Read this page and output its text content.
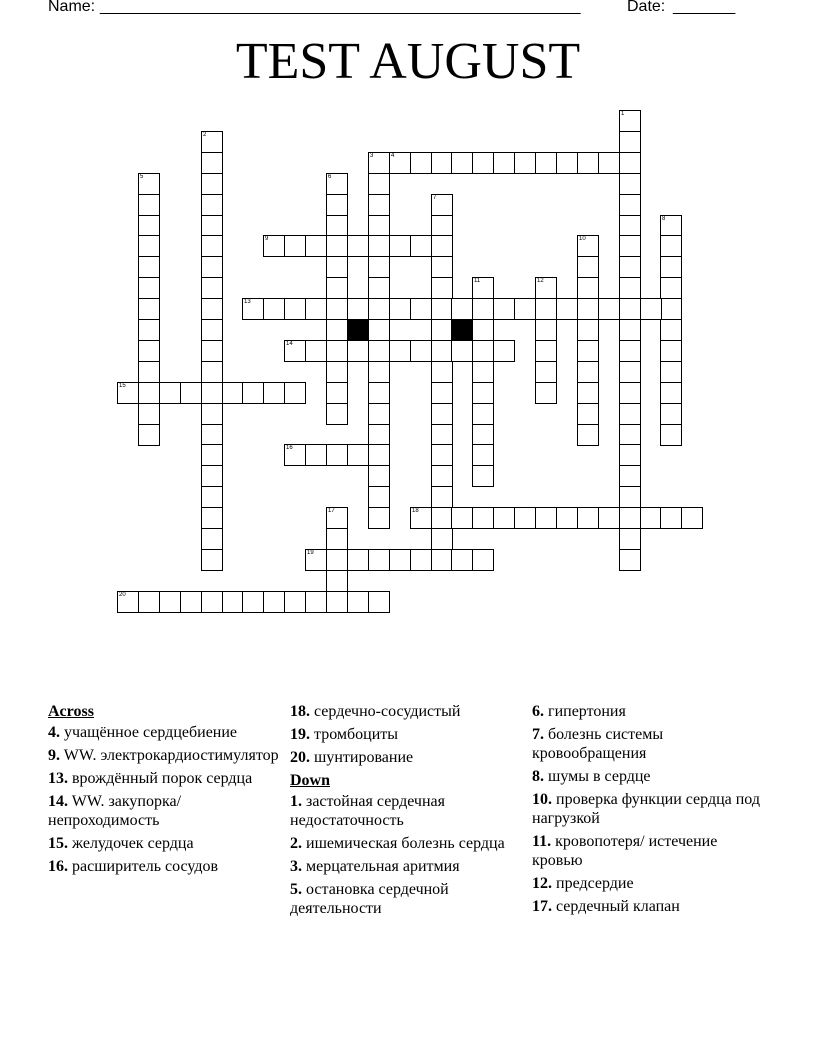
Name: ______________________________________________________	Date: _______
TEST AUGUST
1
2
3	4
5	6
7
8
9	10
11	12
13
14
15
16
17	18
19
20
Across
4. учащённое сердцебиение
9. WW. электрокардиостимулятор
13. врождённый порок сердца
14. WW. закупорка/непроходимость
15. желудочек сердца
16. расширитель сосудов
18. сердечно-сосудистый
19. тромбоциты
20. шунтирование
Down
1. застойная сердечная недостаточность
2. ишемическая болезнь сердца
3. мерцательная аритмия
5. остановка сердечной деятельности
6. гипертония
7. болезнь системы кровообращения
8. шумы в сердце
10. проверка функции сердца под нагрузкой
11. кровопотеря/ истечение кровью
12. предсердие
17. сердечный клапан
